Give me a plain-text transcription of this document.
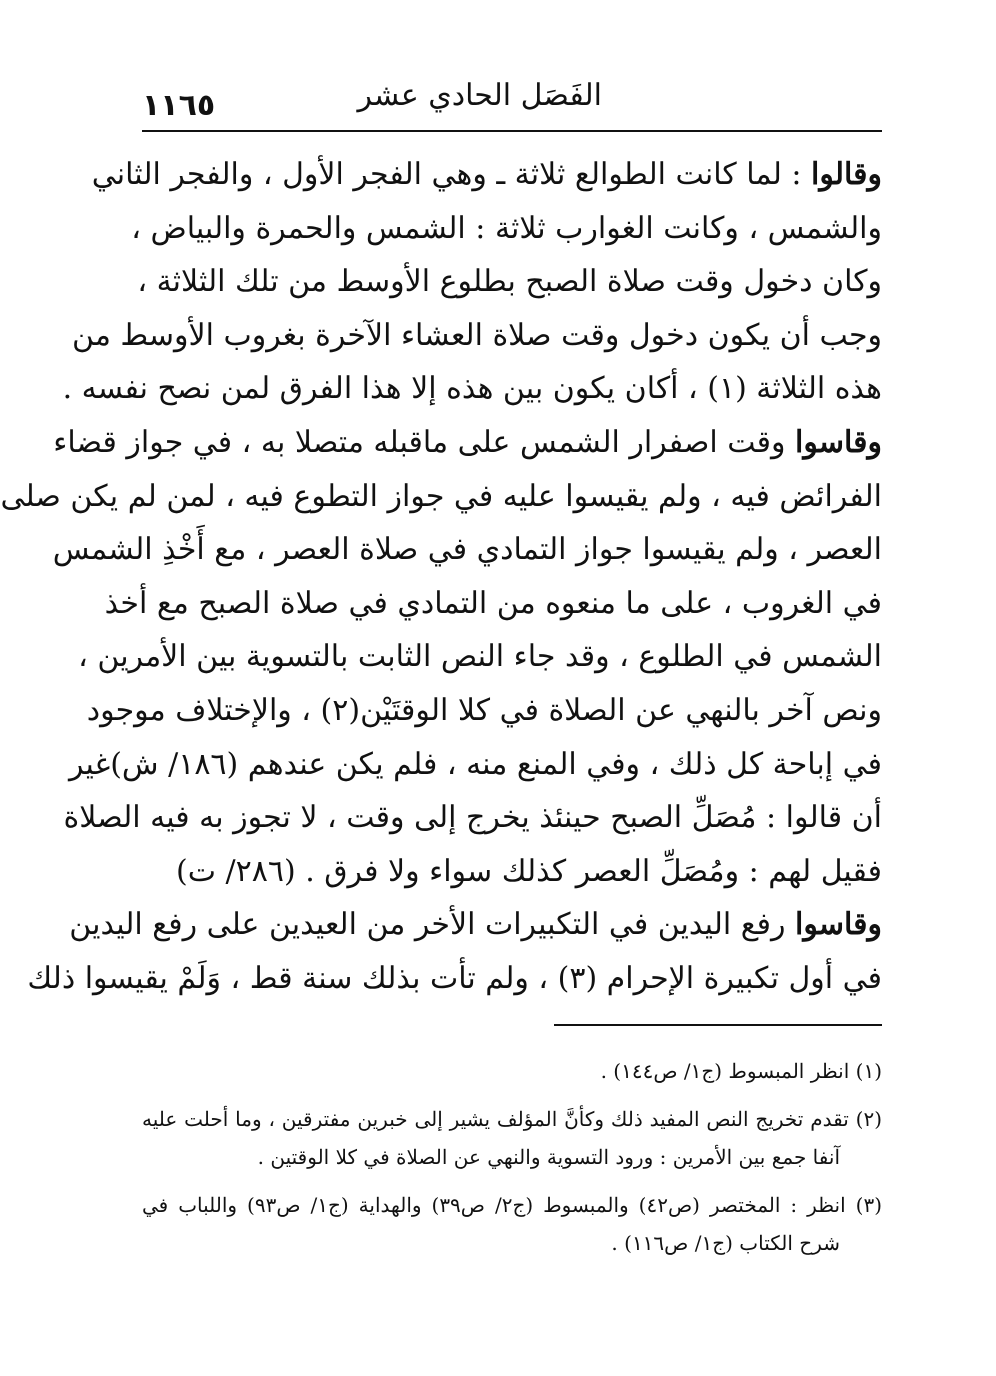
الفَصَل الحادي عشر
١١٦٥
وقالوا : لما كانت الطوالع ثلاثة ـ وهي الفجر الأول ، والفجر الثاني
والشمس ، وكانت الغوارب ثلاثة : الشمس والحمرة والبياض ،
وكان دخول وقت صلاة الصبح بطلوع الأوسط من تلك الثلاثة ،
وجب أن يكون دخول وقت صلاة العشاء الآخرة بغروب الأوسط من
هذه الثلاثة (١) ، أكان يكون بين هذه إلا هذا الفرق لمن نصح نفسه .
وقاسوا وقت اصفرار الشمس على ماقبله متصلا به ، في جواز قضاء
الفرائض فيه ، ولم يقيسوا عليه في جواز التطوع فيه ، لمن لم يكن صلى
العصر ، ولم يقيسوا جواز التمادي في صلاة العصر ، مع أَخْذِ الشمس
في الغروب ، على ما منعوه من التمادي في صلاة الصبح مع أخذ
الشمس في الطلوع ، وقد جاء النص الثابت بالتسوية بين الأمرين ،
ونص آخر بالنهي عن الصلاة في كلا الوقتَيْن(٢) ، والإختلاف موجود
في إباحة كل ذلك ، وفي المنع منه ، فلم يكن عندهم (١٨٦/ ش)غير
أن قالوا : مُصَلِّ الصبح حينئذ يخرج إلى وقت ، لا تجوز به فيه الصلاة
فقيل لهم : ومُصَلِّ العصر كذلك سواء ولا فرق . (٢٨٦/ ت)
وقاسوا رفع اليدين في التكبيرات الأخر من العيدين على رفع اليدين
في أول تكبيرة الإحرام (٣) ، ولم تأت بذلك سنة قط ، وَلَمْ يقيسوا ذلك
(١) انظر المبسوط (ج١/ ص١٤٤) .
(٢) تقدم تخريج النص المفيد ذلك وكأنَّ المؤلف يشير إلى خبرين مفترقين ، وما أحلت عليه
آنفا جمع بين الأمرين : ورود التسوية والنهي عن الصلاة في كلا الوقتين .
(٣) انظر : المختصر (ص٤٢) والمبسوط (ج٢/ ص٣٩) والهداية (ج١/ ص٩٣) واللباب في
شرح الكتاب (ج١/ ص١١٦) .
